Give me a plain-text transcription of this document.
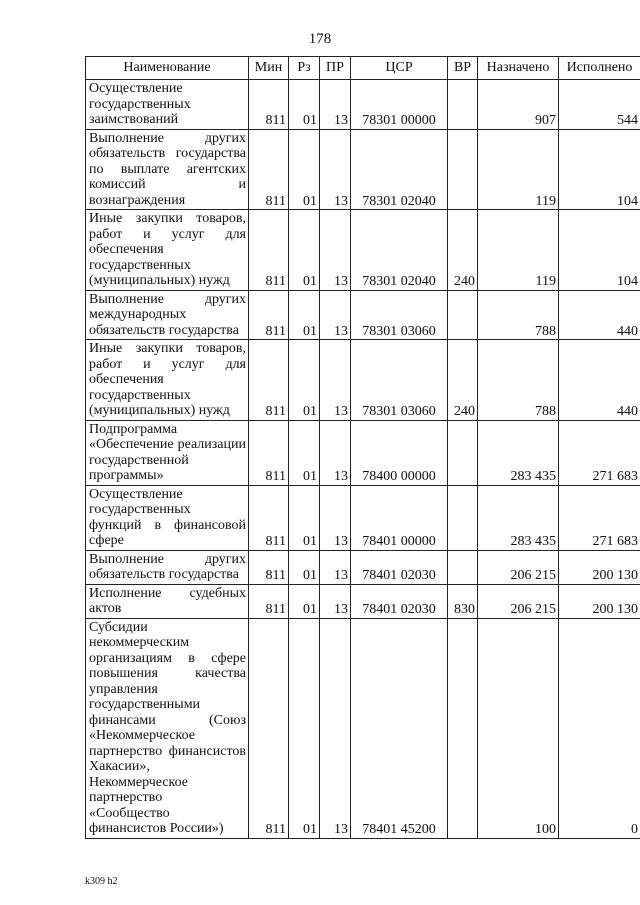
178
Наименование	Мин	Рз	ПР	ЦСР	ВР	Назначено	Исполнено
Осуществление государственных заимствований	811	01	13	78301 00000		907	544
Выполнение других обязательств государства по выплате агентских комиссий и вознаграждения	811	01	13	78301 02040		119	104
Иные закупки товаров, работ и услуг для обеспечения государственных (муниципальных) нужд	811	01	13	78301 02040	240	119	104
Выполнение других международных обязательств государства	811	01	13	78301 03060		788	440
Иные закупки товаров, работ и услуг для обеспечения государственных (муниципальных) нужд	811	01	13	78301 03060	240	788	440
Подпрограмма «Обеспечение реализации государственной программы»	811	01	13	78400 00000		283 435	271 683
Осуществление государственных функций в финансовой сфере	811	01	13	78401 00000		283 435	271 683
Выполнение других обязательств государства	811	01	13	78401 02030		206 215	200 130
Исполнение судебных актов	811	01	13	78401 02030	830	206 215	200 130
Субсидии некоммерческим организациям в сфере повышения качества управления государственными финансами (Союз «Некоммерческое партнерство финансистов Хакасии», Некоммерческое партнерство «Сообщество финансистов России»)	811	01	13	78401 45200		100	0
k309 h2
